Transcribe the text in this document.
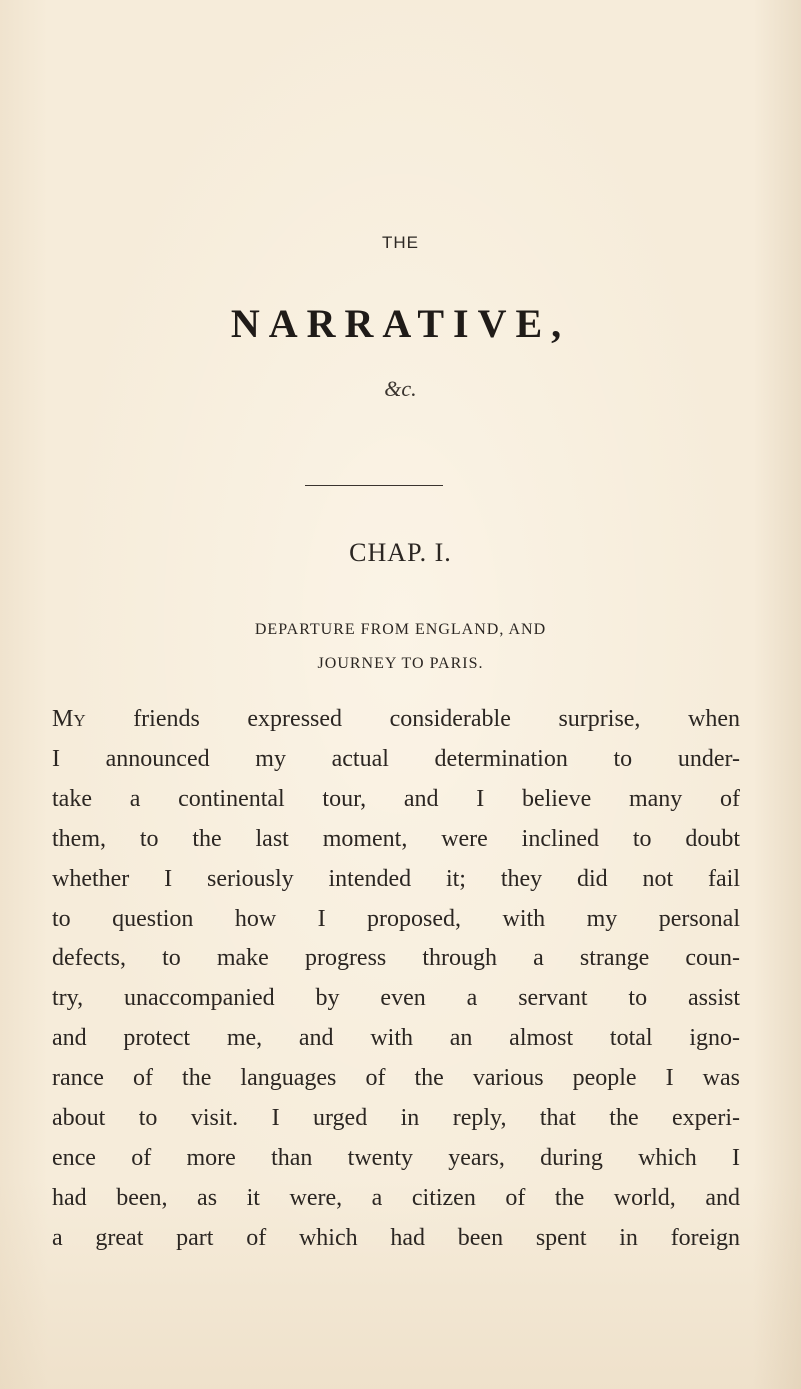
THE
NARRATIVE,
&c.
CHAP. I.
DEPARTURE FROM ENGLAND, AND
JOURNEY TO PARIS.
My friends expressed considerable surprise, when
I announced my actual determination to under-
take a continental tour, and I believe many of
them, to the last moment, were inclined to doubt
whether I seriously intended it; they did not fail
to question how I proposed, with my personal
defects, to make progress through a strange coun-
try, unaccompanied by even a servant to assist
and protect me, and with an almost total igno-
rance of the languages of the various people I was
about to visit. I urged in reply, that the experi-
ence of more than twenty years, during which I
had been, as it were, a citizen of the world, and
a great part of which had been spent in foreign
